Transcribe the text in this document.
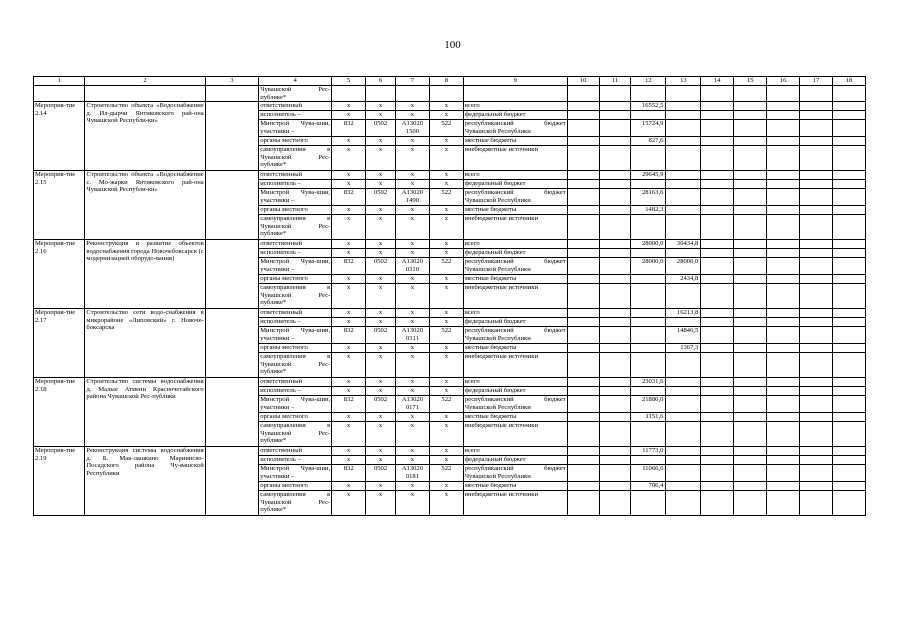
100
1	2	3	4	5	6	7	8	9	10	11	12	13	14	15	16	17	18
			Чувашской Рес-публике*														
Мероприя-тие 2.14	Строительство объекта «Водоснабжение д. Ил-дырчи Янтиковского рай-она Чувашской Республи-ки»		ответственный	x	x	x	x	всего			16552,5						
			исполнитель –	x	x	x	x	федеральный бюджет									
			Минстрой Чува-шии, участники –	832	0502	А13020 1500	522	республиканский бюджет Чувашской Республики			15724,9						
			органы местного	x	x	x	x	местные бюджеты			827,6						
			самоуправления в Чувашской Рес-публике*	x	x	x	x	внебюджетные источники									
Мероприя-тие 2.15	Строительство объекта «Водоснабжение с. Мо-жарки Янтиковского рай-она Чувашской Республи-ки»		ответственный	x	x	x	x	всего			29645,9						
			исполнитель –	x	x	x	x	федеральный бюджет									
			Минстрой Чува-шии, участники –	832	0502	А13020 1490	522	республиканский бюджет Чувашской Республики			28163,6						
			органы местного	x	x	x	x	местные бюджеты			1482,3						
			самоуправления в Чувашской Рес-публике*	x	x	x	x	внебюджетные источники									
Мероприя-тие 2.16	Реконструкция и развитие объектов водоснабжения города Новочебоксарск (с модернизацией оборудо-вания)		ответственный	x	x	x	x	всего			28000,0	30434,8					
			исполнитель –	x	x	x	x	федеральный бюджет									
			Минстрой Чува-шии, участники –	832	0502	А13020 0310	522	республиканский бюджет Чувашской Республики			28000,0	28000,0					
			органы местного	x	x	x	x	местные бюджеты				2434,8					
			самоуправления в Чувашской Рес-публике*	x	x	x	x	внебюджетные источники									
Мероприя-тие 2.17	Строительство сети водо-снабжения в микрорайоне «Липовский» г. Новоче-боксарска		ответственный	x	x	x	x	всего				16213,8					
			исполнитель –	x	x	x	x	федеральный бюджет									
			Минстрой Чува-шии, участники –	832	0502	А13020 0311	522	республиканский бюджет Чувашской Республики				14846,5					
			органы местного	x	x	x	x	местные бюджеты				1367,3					
			самоуправления в Чувашской Рес-публике*	x	x	x	x	внебюджетные источники									
Мероприя-тие 2.18	Строительство системы водоснабжения д. Малые Атмени Красночетайского района Чувашской Рес-публики		ответственный	x	x	x	x	всего			23031,6						
			исполнитель –	x	x	x	x	федеральный бюджет									
			Минстрой Чува-шии, участники –	832	0502	А13020 0171	522	республиканский бюджет Чувашской Республики			21880,0						
			органы местного	x	x	x	x	местные бюджеты			1151,6						
			самоуправления в Чувашской Рес-публике*	x	x	x	x	внебюджетные источники									
Мероприя-тие 2.19	Реконструкция системы водоснабжения д. Б. Мак-лашкино Мариинско-Посадского района Чу-вашской Республики		ответственный	x	x	x	x	всего			11773,0						
			исполнитель –	x	x	x	x	федеральный бюджет									
			Минстрой Чува-шии, участники –	832	0502	А13020 0181	522	республиканский бюджет Чувашской Республики			11066,6						
			органы местного	x	x	x	x	местные бюджеты			706,4						
			самоуправления в Чувашской Рес-публике*	x	x	x	x	внебюджетные источники									
